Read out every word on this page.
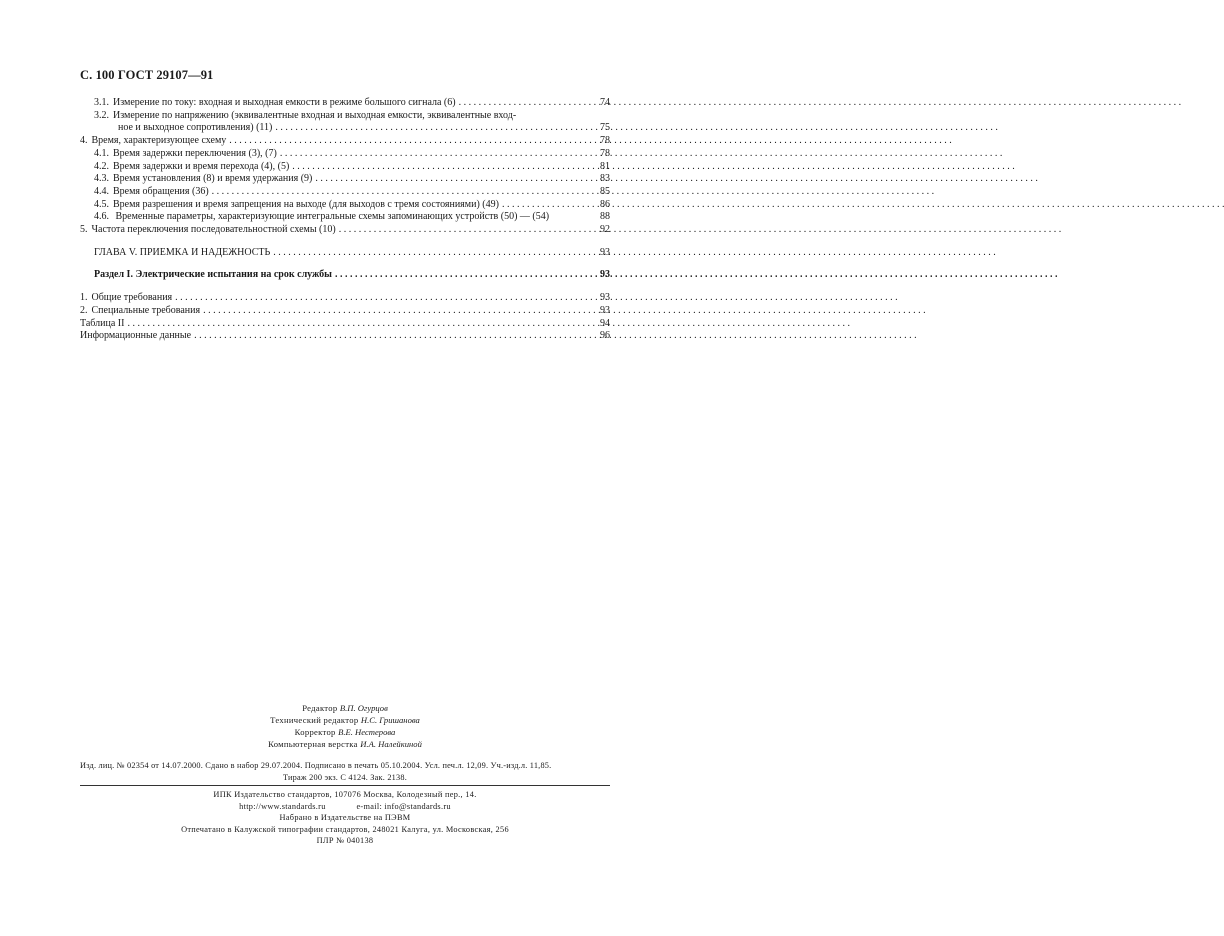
С. 100 ГОСТ 29107—91
3.1. Измерение по току: входная и выходная емкости в режиме большого сигнала (6) . . .	74
3.2. Измерение по напряжению (эквивалентные входная и выходная емкости, эквивалентные вход-
ное и выходное сопротивления) (11) . . .	75
4. Время, характеризующее схему . . .	78
4.1. Время задержки переключения (3), (7) . . .	78
4.2. Время задержки и время перехода (4), (5) . . .	81
4.3. Время установления (8) и время удержания (9) . . .	83
4.4. Время обращения (36) . . .	85
4.5. Время разрешения и время запрещения на выходе (для выходов с тремя состояниями) (49) . . .	86
4.6. Временные параметры, характеризующие интегральные схемы запоминающих устройств (50) — (54)	88
5. Частота переключения последовательностной схемы (10) . . .	92
ГЛАВА V. ПРИЕМКА И НАДЕЖНОСТЬ . . .	93
Раздел I. Электрические испытания на срок службы . . .	93
1. Общие требования . . .	93
2. Специальные требования . . .	93
Таблица II . . .	94
Информационные данные . . .	96
Редактор В.П. Огурцов
Технический редактор Н.С. Гришанова
Корректор В.Е. Нестерова
Компьютерная верстка И.А. Налейкиной
Изд. лиц. № 02354 от 14.07.2000. Сдано в набор 29.07.2004. Подписано в печать 05.10.2004. Усл. печ.л. 12,09. Уч.-изд.л. 11,85.
Тираж 200 экз. С 4124. Зак. 2138.
ИПК Издательство стандартов, 107076 Москва, Колодезный пер., 14.
http://www.standards.ru	e-mail: info@standards.ru
Набрано в Издательстве на ПЭВМ
Отпечатано в Калужской типографии стандартов, 248021 Калуга, ул. Московская, 256
ПЛР № 040138
